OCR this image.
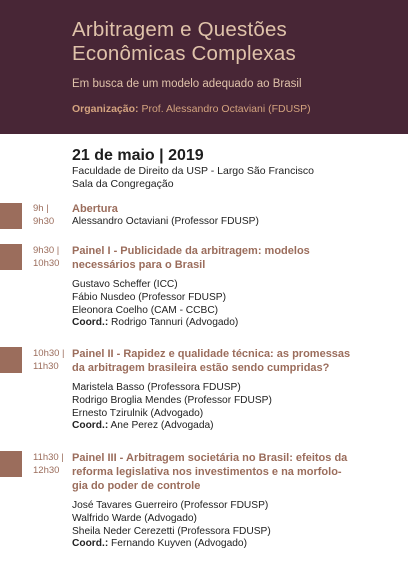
Arbitragem e Questões
Econômicas Complexas

Em busca de um modelo adequado ao Brasil

Organização: Prof. Alessandro Octaviani (FDUSP)

21 de maio | 2019

Faculdade de Direito da USP - Largo São Francisco
Sala da Congregação

9h |
9h30

Abertura

Alessandro Octaviani (Professor FDUSP)
9h30 |
10h30

Painel I - Publicidade da arbitragem: modelos
necessários para o Brasil

Gustavo Scheffer (ICC)
Fábio Nusdeo (Professor FDUSP)
Eleonora Coelho (CAM - CCBC)
Coord.: Rodrigo Tannuri (Advogado)
10h30 |
11h30

Painel II - Rapidez e qualidade técnica: as promessas
da arbitragem brasileira estão sendo cumpridas?

Maristela Basso (Professora FDUSP)
Rodrigo Broglia Mendes (Professor FDUSP)
Ernesto Tzirulnik (Advogado)
Coord.: Ane Perez (Advogada)
11h30 |
12h30

Painel III - Arbitragem societária no Brasil: efeitos da
reforma legislativa nos investimentos e na morfolo-
gia do poder de controle

José Tavares Guerreiro (Professor FDUSP)
Walfrido Warde (Advogado)
Sheila Neder Cerezetti (Professora FDUSP)
Coord.: Fernando Kuyven (Advogado)
